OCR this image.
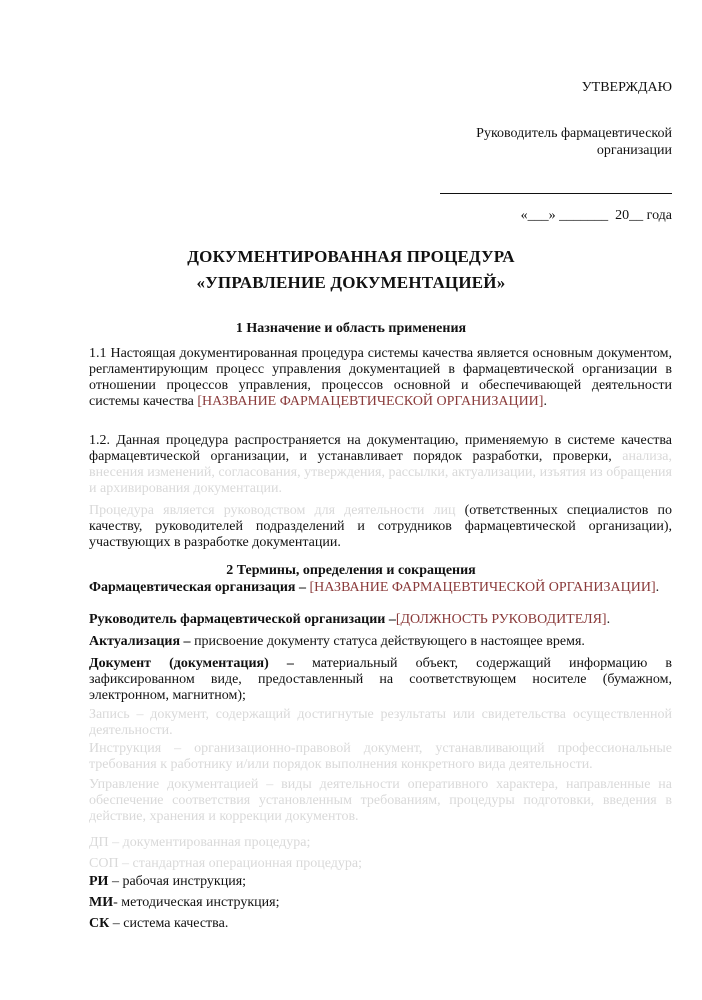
УТВЕРЖДАЮ
Руководитель фармацевтической организации
«___» _______  20__ года
ДОКУМЕНТИРОВАННАЯ ПРОЦЕДУРА
«УПРАВЛЕНИЕ ДОКУМЕНТАЦИЕЙ»
1 Назначение и область применения
1.1 Настоящая документированная процедура системы качества является основным документом, регламентирующим процесс управления документацией в фармацевтической организации в отношении процессов управления, процессов основной и обеспечивающей деятельности системы качества [НАЗВАНИЕ ФАРМАЦЕВТИЧЕСКОЙ ОРГАНИЗАЦИИ].
1.2. Данная процедура распространяется на документацию, применяемую в системе качества фармацевтической организации, и устанавливает порядок разработки, проверки, анализа, внесения изменений, согласования, утверждения, рассылки, актуализации, изъятия из обращения и архивирования документации.
Процедура является руководством для деятельности лиц (ответственных специалистов по качеству, руководителей подразделений и сотрудников фармацевтической организации), участвующих в разработке документации.
2 Термины, определения и сокращения
Фармацевтическая организация – [НАЗВАНИЕ ФАРМАЦЕВТИЧЕСКОЙ ОРГАНИЗАЦИИ].
Руководитель фармацевтической организации –[ДОЛЖНОСТЬ РУКОВОДИТЕЛЯ].
Актуализация – присвоение документу статуса действующего в настоящее время.
Документ (документация) – материальный объект, содержащий информацию в зафиксированном виде, предоставленный на соответствующем носителе (бумажном, электронном, магнитном);
Запись – документ, содержащий достигнутые результаты или свидетельства осуществленной деятельности.
Инструкция – организационно-правовой документ, устанавливающий профессиональные требования к работнику и/или порядок выполнения конкретного вида деятельности.
Управление документацией – виды деятельности оперативного характера, направленные на обеспечение соответствия установленным требованиям, процедуры подготовки, введения в действие, хранения и коррекции документов.
ДП – документированная процедура;
СОП – стандартная операционная процедура;
РИ – рабочая инструкция;
МИ- методическая инструкция;
СК – система качества.
